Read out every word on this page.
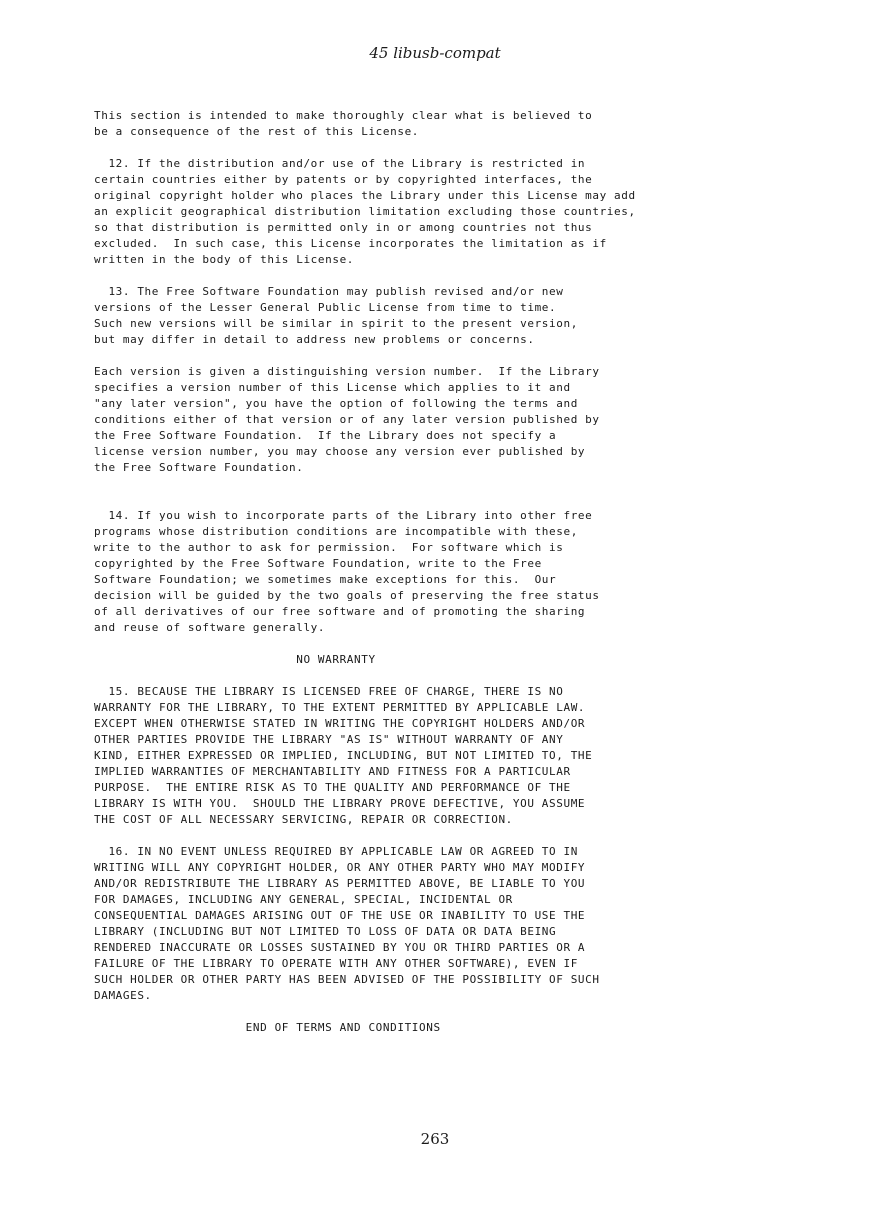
45 libusb-compat
This section is intended to make thoroughly clear what is believed to
be a consequence of the rest of this License.

12. If the distribution and/or use of the Library is restricted in
certain countries either by patents or by copyrighted interfaces, the
original copyright holder who places the Library under this License may add
an explicit geographical distribution limitation excluding those countries,
so that distribution is permitted only in or among countries not thus
excluded.  In such case, this License incorporates the limitation as if
written in the body of this License.

13. The Free Software Foundation may publish revised and/or new
versions of the Lesser General Public License from time to time.
Such new versions will be similar in spirit to the present version,
but may differ in detail to address new problems or concerns.

Each version is given a distinguishing version number.  If the Library
specifies a version number of this License which applies to it and
"any later version", you have the option of following the terms and
conditions either of that version or of any later version published by
the Free Software Foundation.  If the Library does not specify a
license version number, you may choose any version ever published by
the Free Software Foundation.

14. If you wish to incorporate parts of the Library into other free
programs whose distribution conditions are incompatible with these,
write to the author to ask for permission.  For software which is
copyrighted by the Free Software Foundation, write to the Free
Software Foundation; we sometimes make exceptions for this.  Our
decision will be guided by the two goals of preserving the free status
of all derivatives of our free software and of promoting the sharing
and reuse of software generally.

NO WARRANTY

15. BECAUSE THE LIBRARY IS LICENSED FREE OF CHARGE, THERE IS NO
WARRANTY FOR THE LIBRARY, TO THE EXTENT PERMITTED BY APPLICABLE LAW.
EXCEPT WHEN OTHERWISE STATED IN WRITING THE COPYRIGHT HOLDERS AND/OR
OTHER PARTIES PROVIDE THE LIBRARY "AS IS" WITHOUT WARRANTY OF ANY
KIND, EITHER EXPRESSED OR IMPLIED, INCLUDING, BUT NOT LIMITED TO, THE
IMPLIED WARRANTIES OF MERCHANTABILITY AND FITNESS FOR A PARTICULAR
PURPOSE.  THE ENTIRE RISK AS TO THE QUALITY AND PERFORMANCE OF THE
LIBRARY IS WITH YOU.  SHOULD THE LIBRARY PROVE DEFECTIVE, YOU ASSUME
THE COST OF ALL NECESSARY SERVICING, REPAIR OR CORRECTION.

16. IN NO EVENT UNLESS REQUIRED BY APPLICABLE LAW OR AGREED TO IN
WRITING WILL ANY COPYRIGHT HOLDER, OR ANY OTHER PARTY WHO MAY MODIFY
AND/OR REDISTRIBUTE THE LIBRARY AS PERMITTED ABOVE, BE LIABLE TO YOU
FOR DAMAGES, INCLUDING ANY GENERAL, SPECIAL, INCIDENTAL OR
CONSEQUENTIAL DAMAGES ARISING OUT OF THE USE OR INABILITY TO USE THE
LIBRARY (INCLUDING BUT NOT LIMITED TO LOSS OF DATA OR DATA BEING
RENDERED INACCURATE OR LOSSES SUSTAINED BY YOU OR THIRD PARTIES OR A
FAILURE OF THE LIBRARY TO OPERATE WITH ANY OTHER SOFTWARE), EVEN IF
SUCH HOLDER OR OTHER PARTY HAS BEEN ADVISED OF THE POSSIBILITY OF SUCH
DAMAGES.

END OF TERMS AND CONDITIONS
263
